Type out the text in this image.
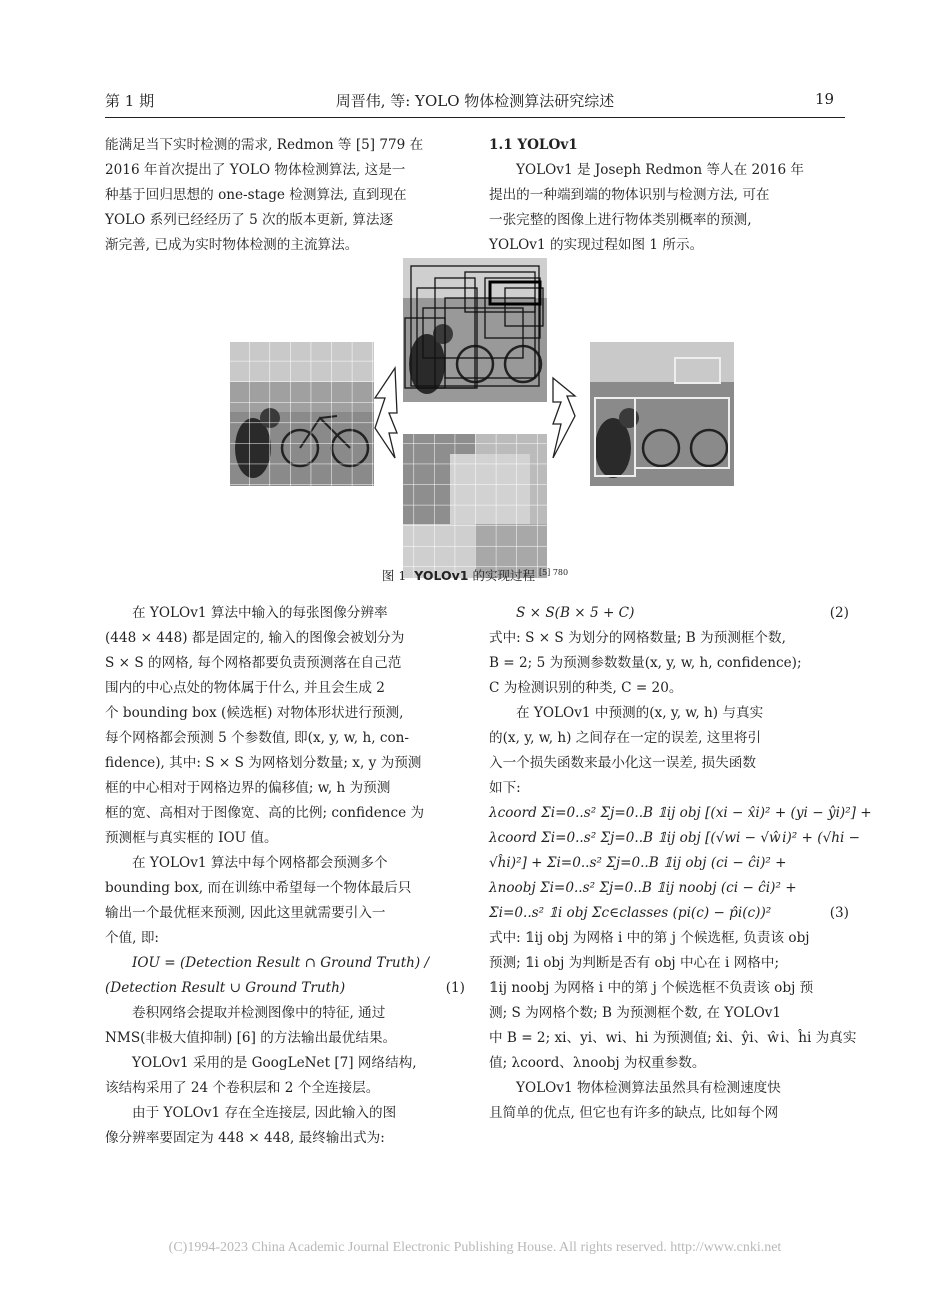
第 1 期	周晋伟, 等: YOLO 物体检测算法研究综述	19

能满足当下实时检测的需求, Redmon 等 [5] 779 在

2016 年首次提出了 YOLO 物体检测算法, 这是一

种基于回归思想的 one-stage 检测算法, 直到现在

YOLO 系列已经经历了 5 次的版本更新, 算法逐

渐完善, 已成为实时物体检测的主流算法。

1.1 YOLOv1

YOLOv1 是 Joseph Redmon 等人在 2016 年

提出的一种端到端的物体识别与检测方法, 可在

一张完整的图像上进行物体类别概率的预测,

YOLOv1 的实现过程如图 1 所示。

图 1 YOLOv1 的实现过程 $^{[5] 780}$

在 YOLOv1 算法中输入的每张图像分辨率

(448 × 448) 都是固定的, 输入的图像会被划分为

S × S 的网格, 每个网格都要负责预测落在自己范

围内的中心点处的物体属于什么, 并且会生成 2

个 bounding box (候选框) 对物体形状进行预测,

每个网格都会预测 5 个参数值, 即(x, y, w, h, con-

fidence), 其中: S × S 为网格划分数量; x, y 为预测

框的中心相对于网格边界的偏移值; w, h 为预测

框的宽、高相对于图像宽、高的比例; confidence 为

预测框与真实框的 IOU 值。

在 YOLOv1 算法中每个网格都会预测多个

bounding box, 而在训练中希望每一个物体最后只

输出一个最优框来预测, 因此这里就需要引入一

个值, 即:

IOU = (Detection Result ∩ Ground Truth) /

(Detection Result ∪ Ground Truth)	(1)

卷积网络会提取并检测图像中的特征, 通过

NMS(非极大值抑制) [6] 的方法输出最优结果。

YOLOv1 采用的是 GoogLeNet [7] 网络结构,

该结构采用了 24 个卷积层和 2 个全连接层。

由于 YOLOv1 存在全连接层, 因此输入的图

像分辨率要固定为 448 × 448, 最终输出式为:

S × S(B × 5 + C)	(2)

式中: S × S 为划分的网格数量; B 为预测框个数,

B = 2; 5 为预测参数数量(x, y, w, h, confidence);

C 为检测识别的种类, C = 20。

在 YOLOv1 中预测的(x, y, w, h) 与真实

的(x, y, w, h) 之间存在一定的误差, 这里将引

入一个损失函数来最小化这一误差, 损失函数

如下:

λcoord Σi=0..s² Σj=0..B 𝟙ij obj [(xi − x̂i)² + (yi − ŷi)²] +

λcoord Σi=0..s² Σj=0..B 𝟙ij obj [(√wi − √ŵi)² + (√hi −

√ĥi)²] + Σi=0..s² Σj=0..B 𝟙ij obj (ci − ĉi)² +

λnoobj Σi=0..s² Σj=0..B 𝟙ij noobj (ci − ĉi)² +

Σi=0..s² 𝟙i obj Σc∈classes (pi(c) − p̂i(c))²	(3)

式中: 𝟙ij obj 为网格 i 中的第 j 个候选框, 负责该 obj

预测; 𝟙i obj 为判断是否有 obj 中心在 i 网格中;

𝟙ij noobj 为网格 i 中的第 j 个候选框不负责该 obj 预

测; S 为网格个数; B 为预测框个数, 在 YOLOv1

中 B = 2; xi、yi、wi、hi 为预测值; x̂i、ŷi、ŵi、ĥi 为真实

值; λcoord、λnoobj 为权重参数。

YOLOv1 物体检测算法虽然具有检测速度快

且简单的优点, 但它也有许多的缺点, 比如每个网

(C)1994-2023 China Academic Journal Electronic Publishing House. All rights reserved. http://www.cnki.net
